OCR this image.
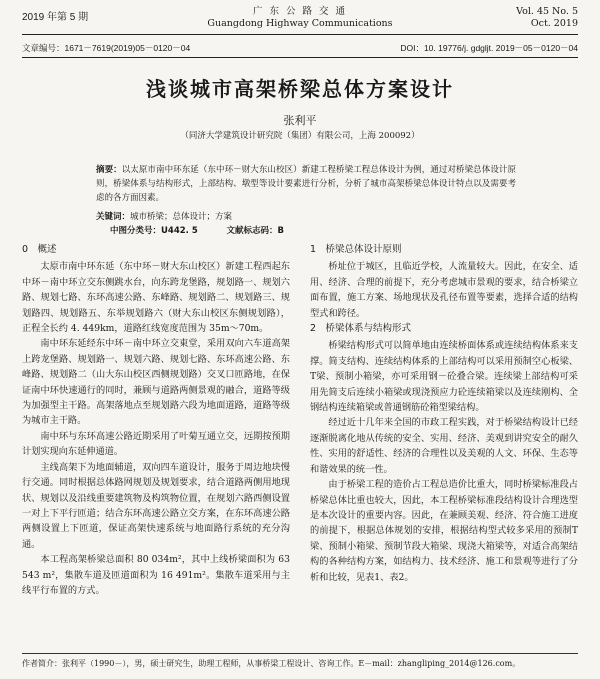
2019 年第 5 期
广 东 公 路 交 通
Guangdong Highway Communications
Vol. 45 No. 5
Oct. 2019
文章编号：1671－7619(2019)05－0120－04	DOI：10. 19776/j. gdgljt. 2019－05－0120－04
浅谈城市高架桥梁总体方案设计
张利平
（同济大学建筑设计研究院（集团）有限公司，上海 200092）
摘要：以太原市南中环东延（东中环－财大东山校区）新建工程桥梁工程总体设计为例，通过对桥梁总体设计原则，桥梁体系与结构形式，上部结构、墩型等设计要素进行分析，分析了城市高架桥梁总体设计特点以及需要考虑的各方面因素。
关键词：城市桥梁；总体设计；方案
中图分类号：U442. 5	文献标志码：B
0　概述

太原市南中环东延（东中环－财大东山校区）新建工程西起东中环－南中环立交东侧跳水台，向东跨龙堡路，规划路一、规划六路、规划七路、东环高速公路、东峰路、规划路二、规划路三、规划路四、规划路五、东举规划路六（财大东山校区东侧规划路），正程全长约 4. 449km，道路红线宽度范围为 35m～70m。

南中环东延经东中环－南中环立交東堂，采用双向六车道高架上跨龙堡路、规划路一、规划六路、规划七路、东环高速公路、东峰路、规划路二（山大东山校区西侧规划路）交叉口匝路地，在保证南中环快速通行的同时，兼顾与道路两侧景观的融合，道路等级为加强型主干路。高架落地点至规划路六段为地面道路，道路等级为城市主干路。

南中环与东环高速公路近期采用了叶菊互通立交，远期按预期计划实现向东延伸通道。

主线高架下为地面辅道，双向四车道设计，服务于周边地块慢行交通。同时根据总体路网规划及规划要求，结合道路两侧用地现状、规划以及沿线重要建筑物及构筑物位置，在规划六路西侧设置一对上下平行匝道；结合东环高速公路立交方案，在东环高速公路两侧设置上下匝道，保证高架快速系统与地面路行系统的充分沟通。

本工程高架桥梁总面积 80 034m²，其中上线桥梁面积为 63 543 m²，集散车道及匝道面积为 16 491m²。集散车道采用与主线平行布置的方式。

1　桥梁总体设计原则

桥址位于城区，且临近学校，人流量较大。因此，在安全、适用、经济、合理的前提下，充分考虑城市景观的要求，结合桥梁立面布置，施工方案、场地现状及孔径布置等要素，选择合适的结构型式和跨径。

2　桥梁体系与结构形式

桥梁结构形式可以简单地由连续桥面体系或连续结构体系来支撑。简支结构、连续结构体系的上部结构可以采用预制空心板梁、T梁、预制小箱梁，亦可采用钢－砼叠合梁。连续梁上部结构可采用先简支后连续小箱梁或现浇预应力砼连续箱梁以及连续刚构、全钢结构连续箱梁或普通钢筋砼箱型梁结构。

经过近十几年来全国的市政工程实践，对于桥梁结构设计已经逐渐脱离化地从传统的安全、实用、经济、美观到讲究安全的耐久性、实用的舒适性、经济的合理性以及美观的人文、环保、生态等和谐效果的统一性。

由于桥梁工程的造价占工程总造价比重大，同时桥梁标准段占桥梁总体比重也较大，因此，本工程桥梁标准段结构设计合理选型是本次设计的重要内容。因此，在兼顾美观、经济、符合施工进度的前提下，根据总体规划的安排，根据结构型式较多采用的预制T梁、预制小箱梁、预制节段大箱梁、现浇大箱梁等，对适合高架结构的各种结构方案，如结构力、技术经济、施工和景观等进行了分析和比较，见表1、表2。

作者简介：张利平（1990－），男，硕士研究生，助理工程师，从事桥梁工程设计、咨询工作。E－mail：zhangliping_2014@126.com。
